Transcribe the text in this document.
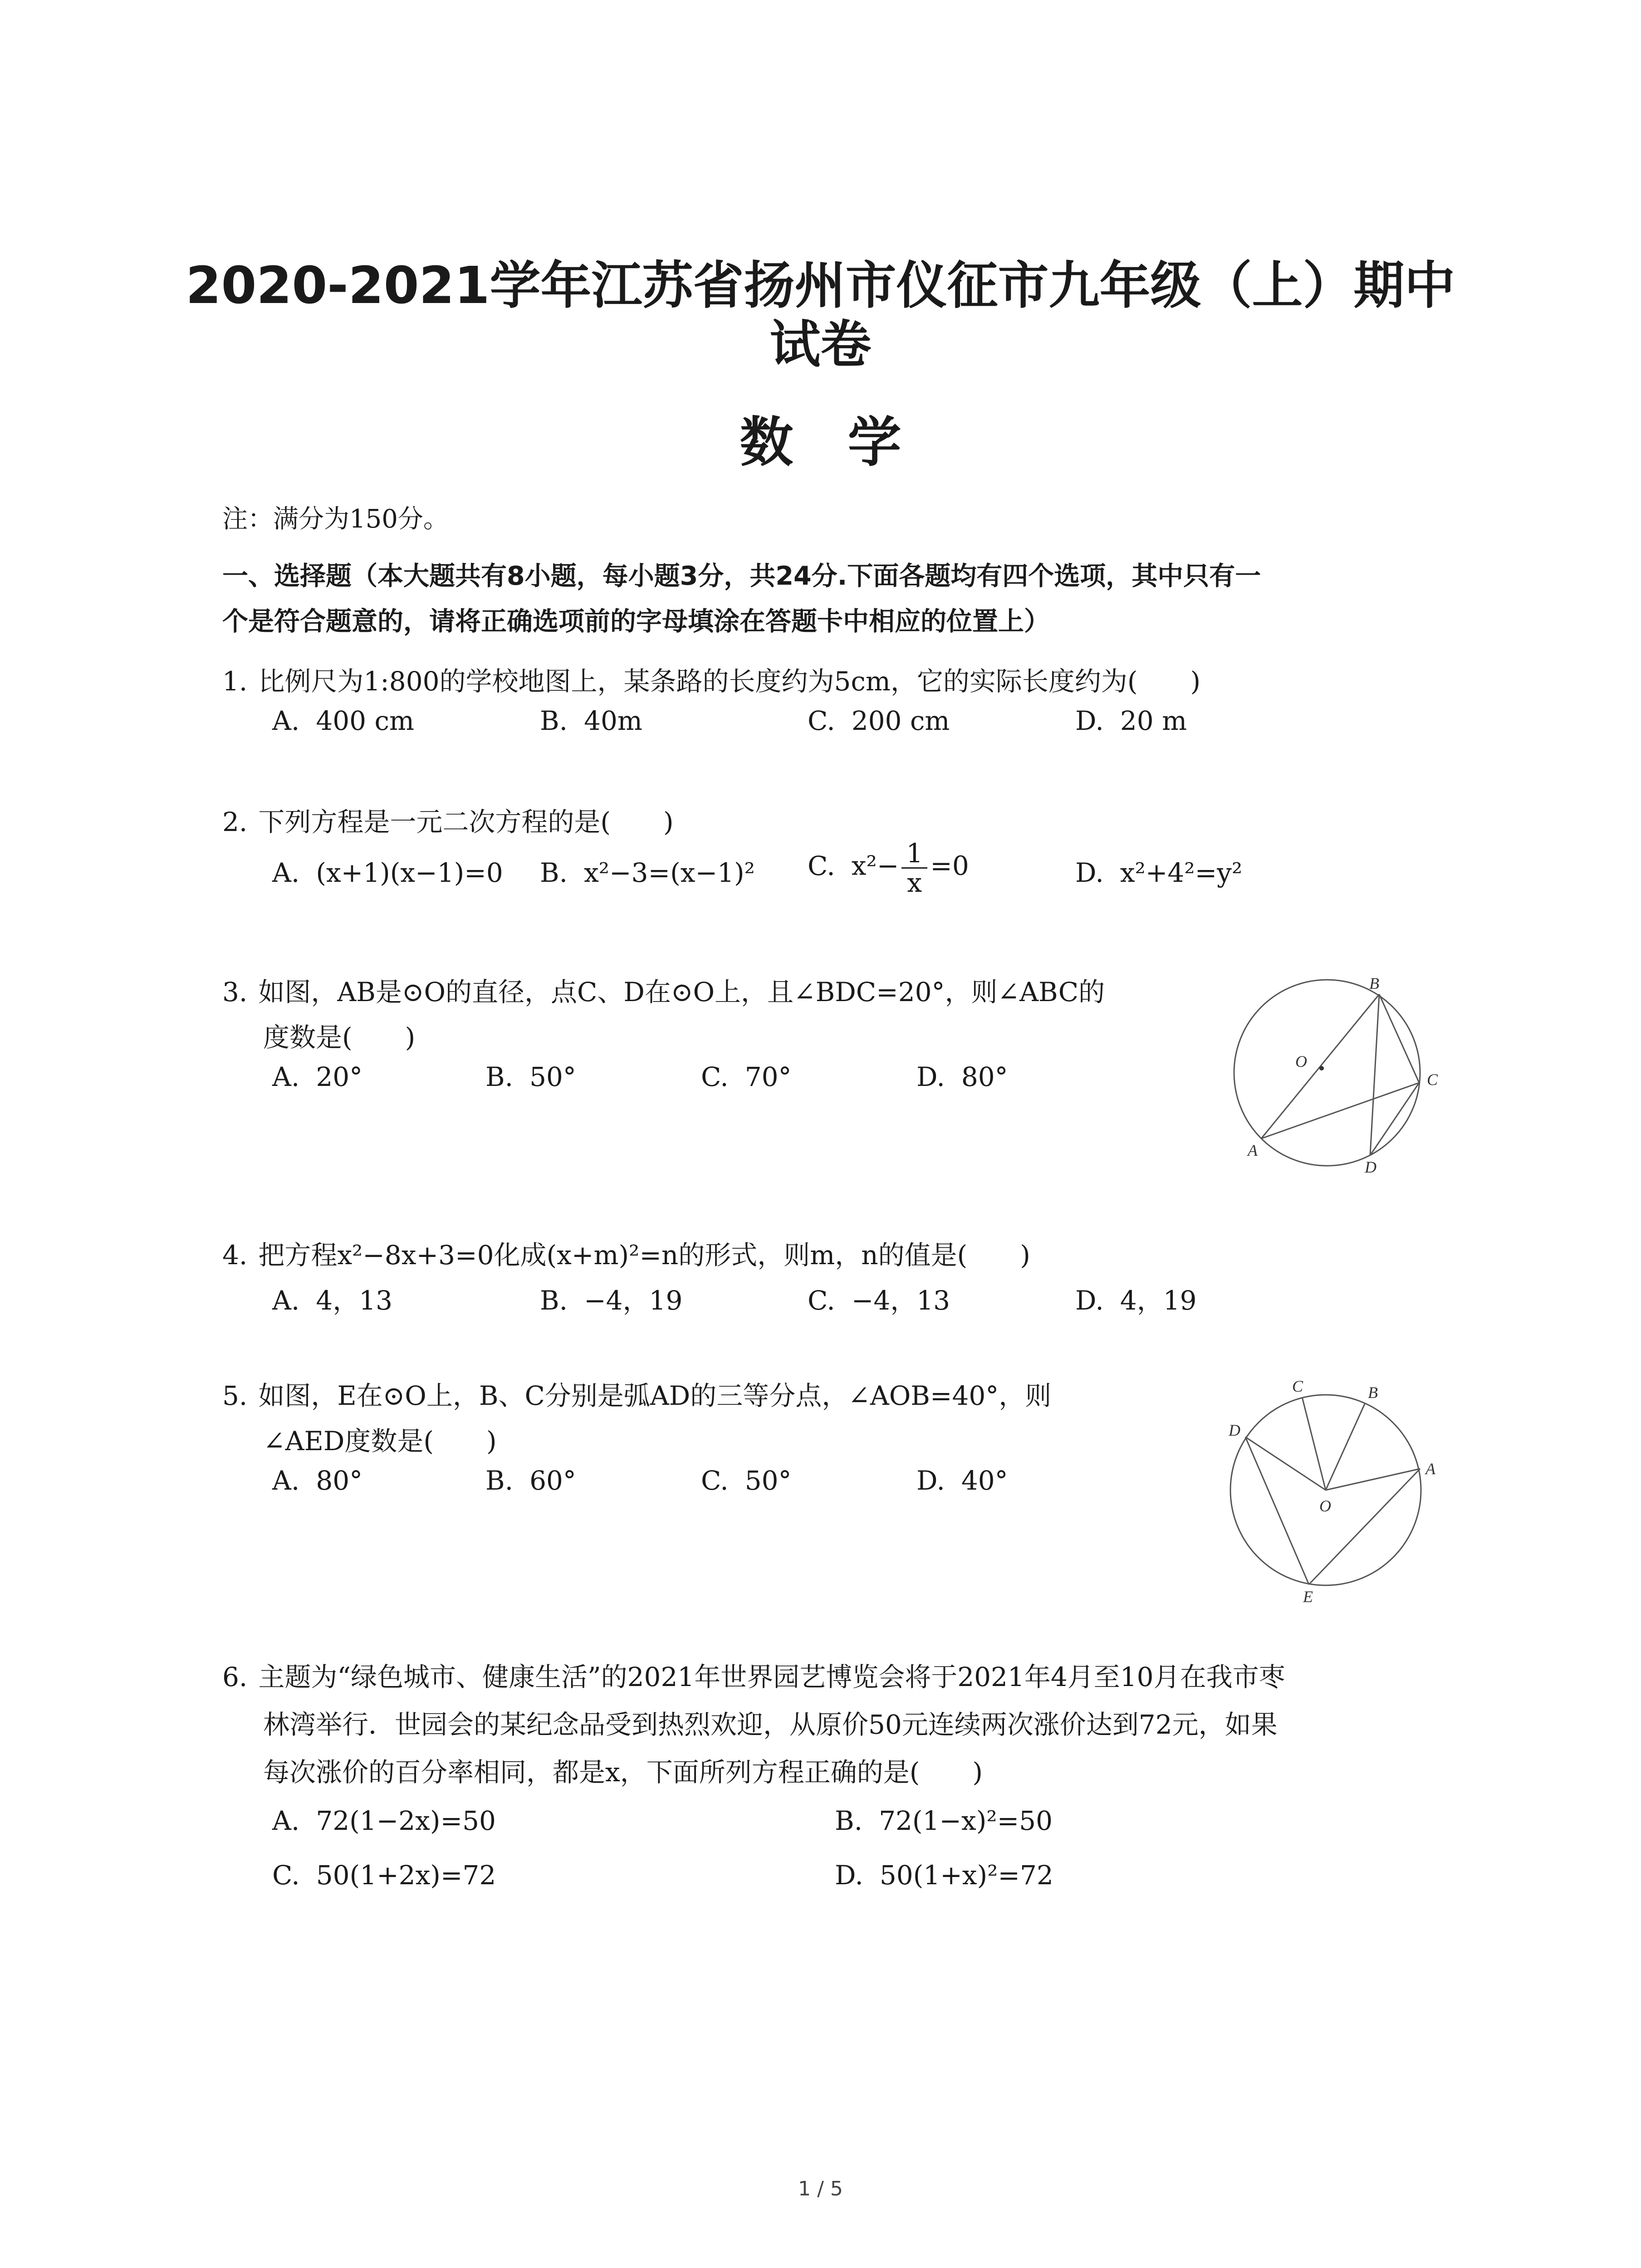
2020-2021学年江苏省扬州市仪征市九年级（上）期中
试卷
数学
注：满分为150分。
一、选择题（本大题共有8小题，每小题3分，共24分.下面各题均有四个选项，其中只有一
个是符合题意的，请将正确选项前的字母填涂在答题卡中相应的位置上）
1. 比例尺为1:800的学校地图上，某条路的长度约为5cm，它的实际长度约为(　　)
A. 400 cm	B. 40m	C. 200 cm	D. 20 m
2. 下列方程是一元二次方程的是(　　)
A. (x+1)(x−1)=0 B. x²−3=(x−1)² C. $x^2- \frac{1}{x} =0$	D. x²+4²=y²
3. 如图，AB是⊙O的直径，点C、D在⊙O上，且∠BDC=20°，则∠ABC的
度数是(　　)
A. 20°	B. 50°	C. 70°	D. 80°
B
O
C
A
D
4. 把方程x²−8x+3=0化成(x+m)²=n的形式，则m，n的值是(　　)
A. 4，13	B. −4，19	C. −4，13	D. 4，19
5. 如图，E在⊙O上，B、C分别是弧AD的三等分点，∠AOB=40°，则
∠AED度数是(　　)
A. 80°	B. 60°	C. 50°	D. 40°
C	B
D
A
O
E
6. 主题为“绿色城市、健康生活”的2021年世界园艺博览会将于2021年4月至10月在我市枣
林湾举行．世园会的某纪念品受到热烈欢迎，从原价50元连续两次涨价达到72元，如果
每次涨价的百分率相同，都是x，下面所列方程正确的是(　　)
A. 72(1−2x)=50	B. 72(1−x)²=50
C. 50(1+2x)=72	D. 50(1+x)²=72
1 / 5
